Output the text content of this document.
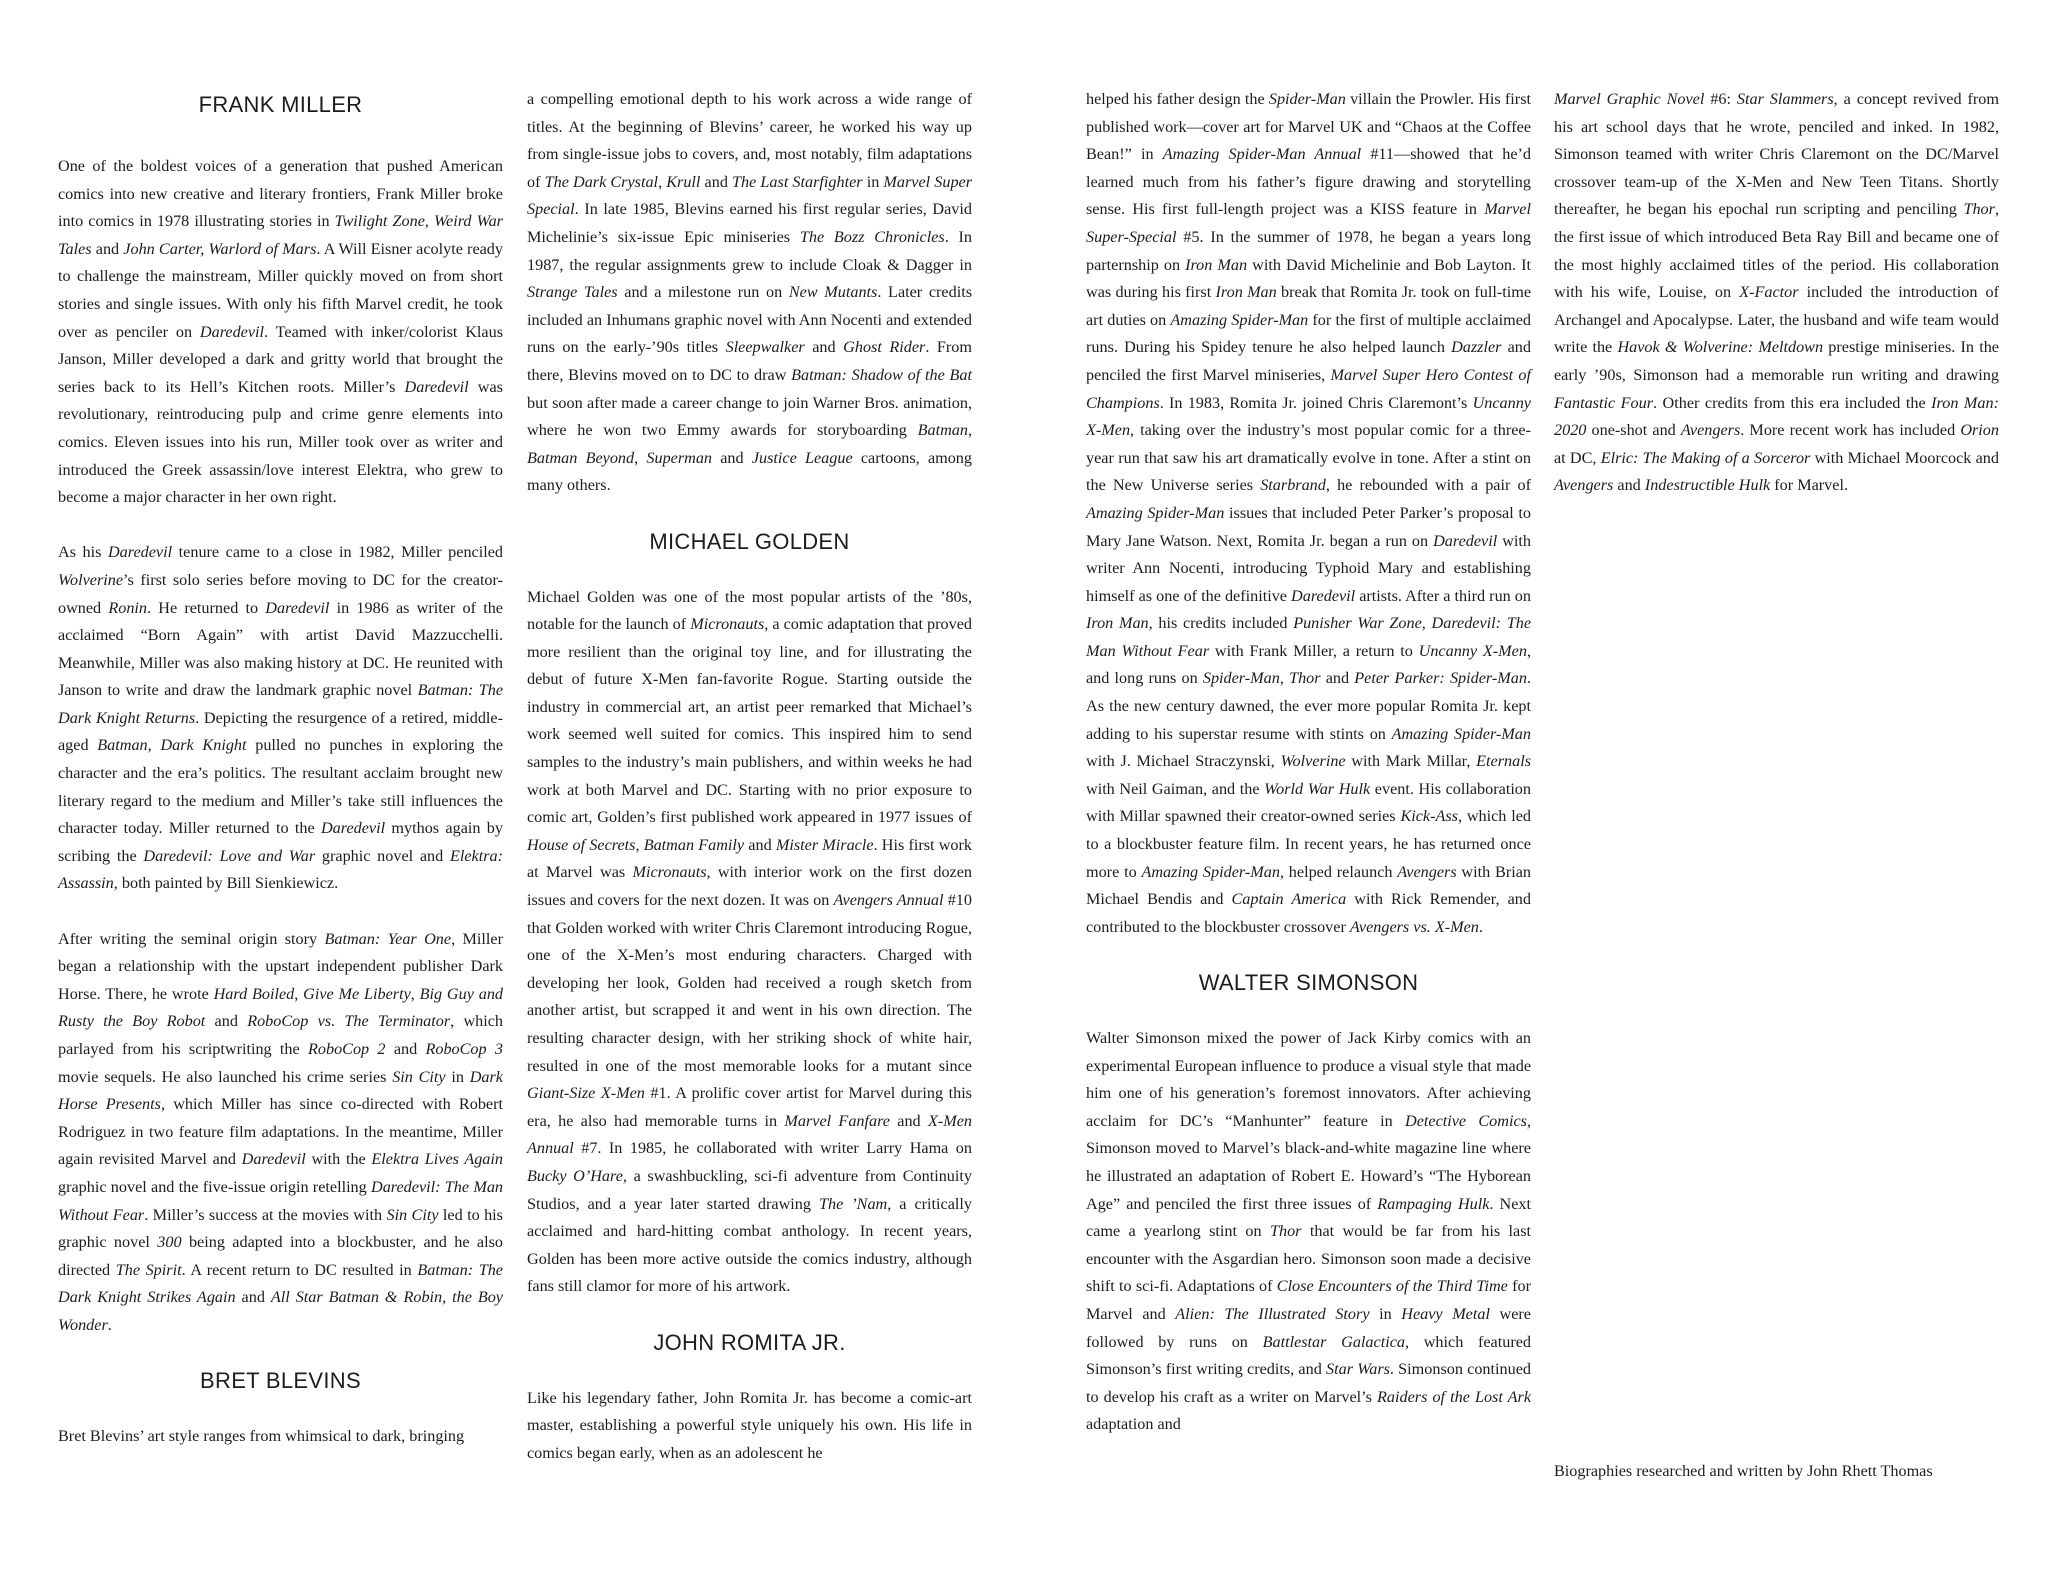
FRANK MILLER

One of the boldest voices of a generation that pushed American comics into new creative and literary frontiers, Frank Miller broke into comics in 1978 illustrating stories in Twilight Zone, Weird War Tales and John Carter, Warlord of Mars. A Will Eisner acolyte ready to challenge the mainstream, Miller quickly moved on from short stories and single issues. With only his fifth Marvel credit, he took over as penciler on Daredevil. Teamed with inker/colorist Klaus Janson, Miller developed a dark and gritty world that brought the series back to its Hell’s Kitchen roots. Miller’s Daredevil was revolutionary, reintroducing pulp and crime genre elements into comics. Eleven issues into his run, Miller took over as writer and introduced the Greek assassin/love interest Elektra, who grew to become a major character in her own right.

As his Daredevil tenure came to a close in 1982, Miller penciled Wolverine’s first solo series before moving to DC for the creator-owned Ronin. He returned to Daredevil in 1986 as writer of the acclaimed “Born Again” with artist David Mazzucchelli. Meanwhile, Miller was also making history at DC. He reunited with Janson to write and draw the landmark graphic novel Batman: The Dark Knight Returns. Depicting the resurgence of a retired, middle-aged Batman, Dark Knight pulled no punches in exploring the character and the era’s politics. The resultant acclaim brought new literary regard to the medium and Miller’s take still influences the character today. Miller returned to the Daredevil mythos again by scribing the Daredevil: Love and War graphic novel and Elektra: Assassin, both painted by Bill Sienkiewicz.

After writing the seminal origin story Batman: Year One, Miller began a relationship with the upstart independent publisher Dark Horse. There, he wrote Hard Boiled, Give Me Liberty, Big Guy and Rusty the Boy Robot and RoboCop vs. The Terminator, which parlayed from his scriptwriting the RoboCop 2 and RoboCop 3 movie sequels. He also launched his crime series Sin City in Dark Horse Presents, which Miller has since co-directed with Robert Rodriguez in two feature film adaptations. In the meantime, Miller again revisited Marvel and Daredevil with the Elektra Lives Again graphic novel and the five-issue origin retelling Daredevil: The Man Without Fear. Miller’s success at the movies with Sin City led to his graphic novel 300 being adapted into a blockbuster, and he also directed The Spirit. A recent return to DC resulted in Batman: The Dark Knight Strikes Again and All Star Batman & Robin, the Boy Wonder.

BRET BLEVINS

Bret Blevins’ art style ranges from whimsical to dark, bringing

a compelling emotional depth to his work across a wide range of titles. At the beginning of Blevins’ career, he worked his way up from single-issue jobs to covers, and, most notably, film adaptations of The Dark Crystal, Krull and The Last Starfighter in Marvel Super Special. In late 1985, Blevins earned his first regular series, David Michelinie’s six-issue Epic miniseries The Bozz Chronicles. In 1987, the regular assignments grew to include Cloak & Dagger in Strange Tales and a milestone run on New Mutants. Later credits included an Inhumans graphic novel with Ann Nocenti and extended runs on the early-’90s titles Sleepwalker and Ghost Rider. From there, Blevins moved on to DC to draw Batman: Shadow of the Bat but soon after made a career change to join Warner Bros. animation, where he won two Emmy awards for storyboarding Batman, Batman Beyond, Superman and Justice League cartoons, among many others.

MICHAEL GOLDEN

Michael Golden was one of the most popular artists of the ’80s, notable for the launch of Micronauts, a comic adaptation that proved more resilient than the original toy line, and for illustrating the debut of future X-Men fan-favorite Rogue. Starting outside the industry in commercial art, an artist peer remarked that Michael’s work seemed well suited for comics. This inspired him to send samples to the industry’s main publishers, and within weeks he had work at both Marvel and DC. Starting with no prior exposure to comic art, Golden’s first published work appeared in 1977 issues of House of Secrets, Batman Family and Mister Miracle. His first work at Marvel was Micronauts, with interior work on the first dozen issues and covers for the next dozen. It was on Avengers Annual #10 that Golden worked with writer Chris Claremont introducing Rogue, one of the X-Men’s most enduring characters. Charged with developing her look, Golden had received a rough sketch from another artist, but scrapped it and went in his own direction. The resulting character design, with her striking shock of white hair, resulted in one of the most memorable looks for a mutant since Giant-Size X-Men #1. A prolific cover artist for Marvel during this era, he also had memorable turns in Marvel Fanfare and X-Men Annual #7. In 1985, he collaborated with writer Larry Hama on Bucky O’Hare, a swashbuckling, sci-fi adventure from Continuity Studios, and a year later started drawing The ’Nam, a critically acclaimed and hard-hitting combat anthology. In recent years, Golden has been more active outside the comics industry, although fans still clamor for more of his artwork.

JOHN ROMITA JR.

Like his legendary father, John Romita Jr. has become a comic-art master, establishing a powerful style uniquely his own. His life in comics began early, when as an adolescent he

helped his father design the Spider-Man villain the Prowler. His first published work—cover art for Marvel UK and “Chaos at the Coffee Bean!” in Amazing Spider-Man Annual #11—showed that he’d learned much from his father’s figure drawing and storytelling sense. His first full-length project was a KISS feature in Marvel Super-Special #5. In the summer of 1978, he began a years long parternship on Iron Man with David Michelinie and Bob Layton. It was during his first Iron Man break that Romita Jr. took on full-time art duties on Amazing Spider-Man for the first of multiple acclaimed runs. During his Spidey tenure he also helped launch Dazzler and penciled the first Marvel miniseries, Marvel Super Hero Contest of Champions. In 1983, Romita Jr. joined Chris Claremont’s Uncanny X-Men, taking over the industry’s most popular comic for a three-year run that saw his art dramatically evolve in tone. After a stint on the New Universe series Starbrand, he rebounded with a pair of Amazing Spider-Man issues that included Peter Parker’s proposal to Mary Jane Watson. Next, Romita Jr. began a run on Daredevil with writer Ann Nocenti, introducing Typhoid Mary and establishing himself as one of the definitive Daredevil artists. After a third run on Iron Man, his credits included Punisher War Zone, Daredevil: The Man Without Fear with Frank Miller, a return to Uncanny X-Men, and long runs on Spider-Man, Thor and Peter Parker: Spider-Man. As the new century dawned, the ever more popular Romita Jr. kept adding to his superstar resume with stints on Amazing Spider-Man with J. Michael Straczynski, Wolverine with Mark Millar, Eternals with Neil Gaiman, and the World War Hulk event. His collaboration with Millar spawned their creator-owned series Kick-Ass, which led to a blockbuster feature film. In recent years, he has returned once more to Amazing Spider-Man, helped relaunch Avengers with Brian Michael Bendis and Captain America with Rick Remender, and contributed to the blockbuster crossover Avengers vs. X-Men.

WALTER SIMONSON

Walter Simonson mixed the power of Jack Kirby comics with an experimental European influence to produce a visual style that made him one of his generation’s foremost innovators. After achieving acclaim for DC’s “Manhunter” feature in Detective Comics, Simonson moved to Marvel’s black-and-white magazine line where he illustrated an adaptation of Robert E. Howard’s “The Hyborean Age” and penciled the first three issues of Rampaging Hulk. Next came a yearlong stint on Thor that would be far from his last encounter with the Asgardian hero. Simonson soon made a decisive shift to sci-fi. Adaptations of Close Encounters of the Third Time for Marvel and Alien: The Illustrated Story in Heavy Metal were followed by runs on Battlestar Galactica, which featured Simonson’s first writing credits, and Star Wars. Simonson continued to develop his craft as a writer on Marvel’s Raiders of the Lost Ark adaptation and

Marvel Graphic Novel #6: Star Slammers, a concept revived from his art school days that he wrote, penciled and inked. In 1982, Simonson teamed with writer Chris Claremont on the DC/Marvel crossover team-up of the X-Men and New Teen Titans. Shortly thereafter, he began his epochal run scripting and penciling Thor, the first issue of which introduced Beta Ray Bill and became one of the most highly acclaimed titles of the period. His collaboration with his wife, Louise, on X-Factor included the introduction of Archangel and Apocalypse. Later, the husband and wife team would write the Havok & Wolverine: Meltdown prestige miniseries. In the early ’90s, Simonson had a memorable run writing and drawing Fantastic Four. Other credits from this era included the Iron Man: 2020 one-shot and Avengers. More recent work has included Orion at DC, Elric: The Making of a Sorceror with Michael Moorcock and Avengers and Indestructible Hulk for Marvel.

Biographies researched and written by John Rhett Thomas
